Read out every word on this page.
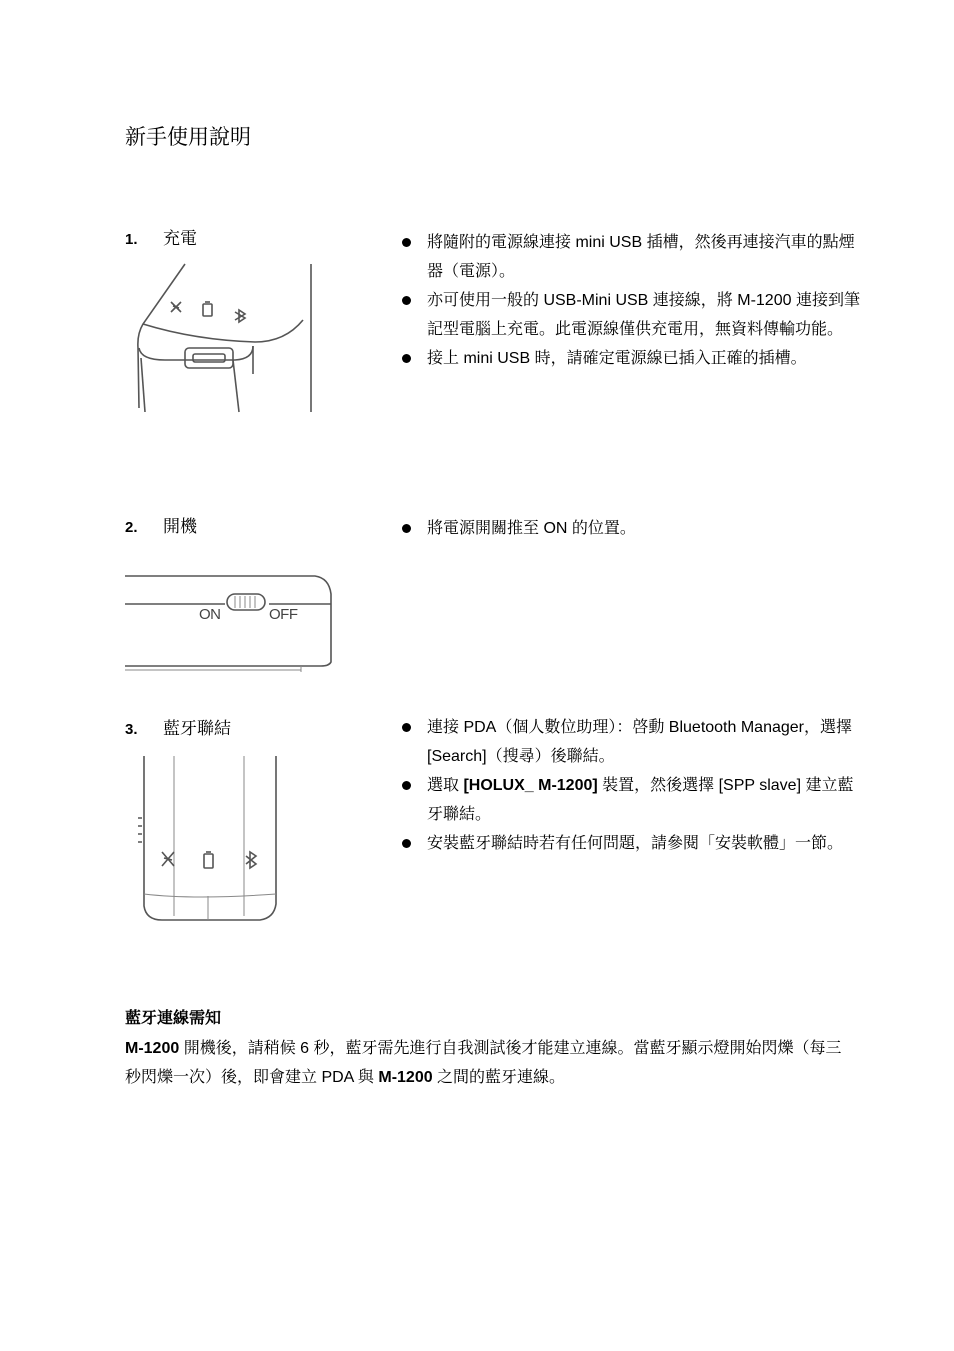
新手使用說明
1. 充電	將隨附的電源線連接 mini USB 插槽，然後再連接汽車的點煙器（電源）。
亦可使用一般的 USB-Mini USB 連接線，將 M-1200 連接到筆記型電腦上充電。此電源線僅供充電用，無資料傳輸功能。
接上 mini USB 時，請確定電源線已插入正確的插槽。
2. 開機
ON	OFF
將電源開關推至 ON 的位置。
3. 藍牙聯結	連接 PDA（個人數位助理）：啓動 Bluetooth Manager，選擇 [Search]（搜尋）後聯結。
選取 [HOLUX_ M-1200] 裝置，然後選擇 [SPP slave] 建立藍牙聯結。
安裝藍牙聯結時若有任何問題，請參閱「安裝軟體」一節。
藍牙連線需知
M-1200 開機後，請稍候 6 秒，藍牙需先進行自我測試後才能建立連線。當藍牙顯示燈開始閃爍（每三秒閃爍一次）後，即會建立 PDA 與 M-1200 之間的藍牙連線。
